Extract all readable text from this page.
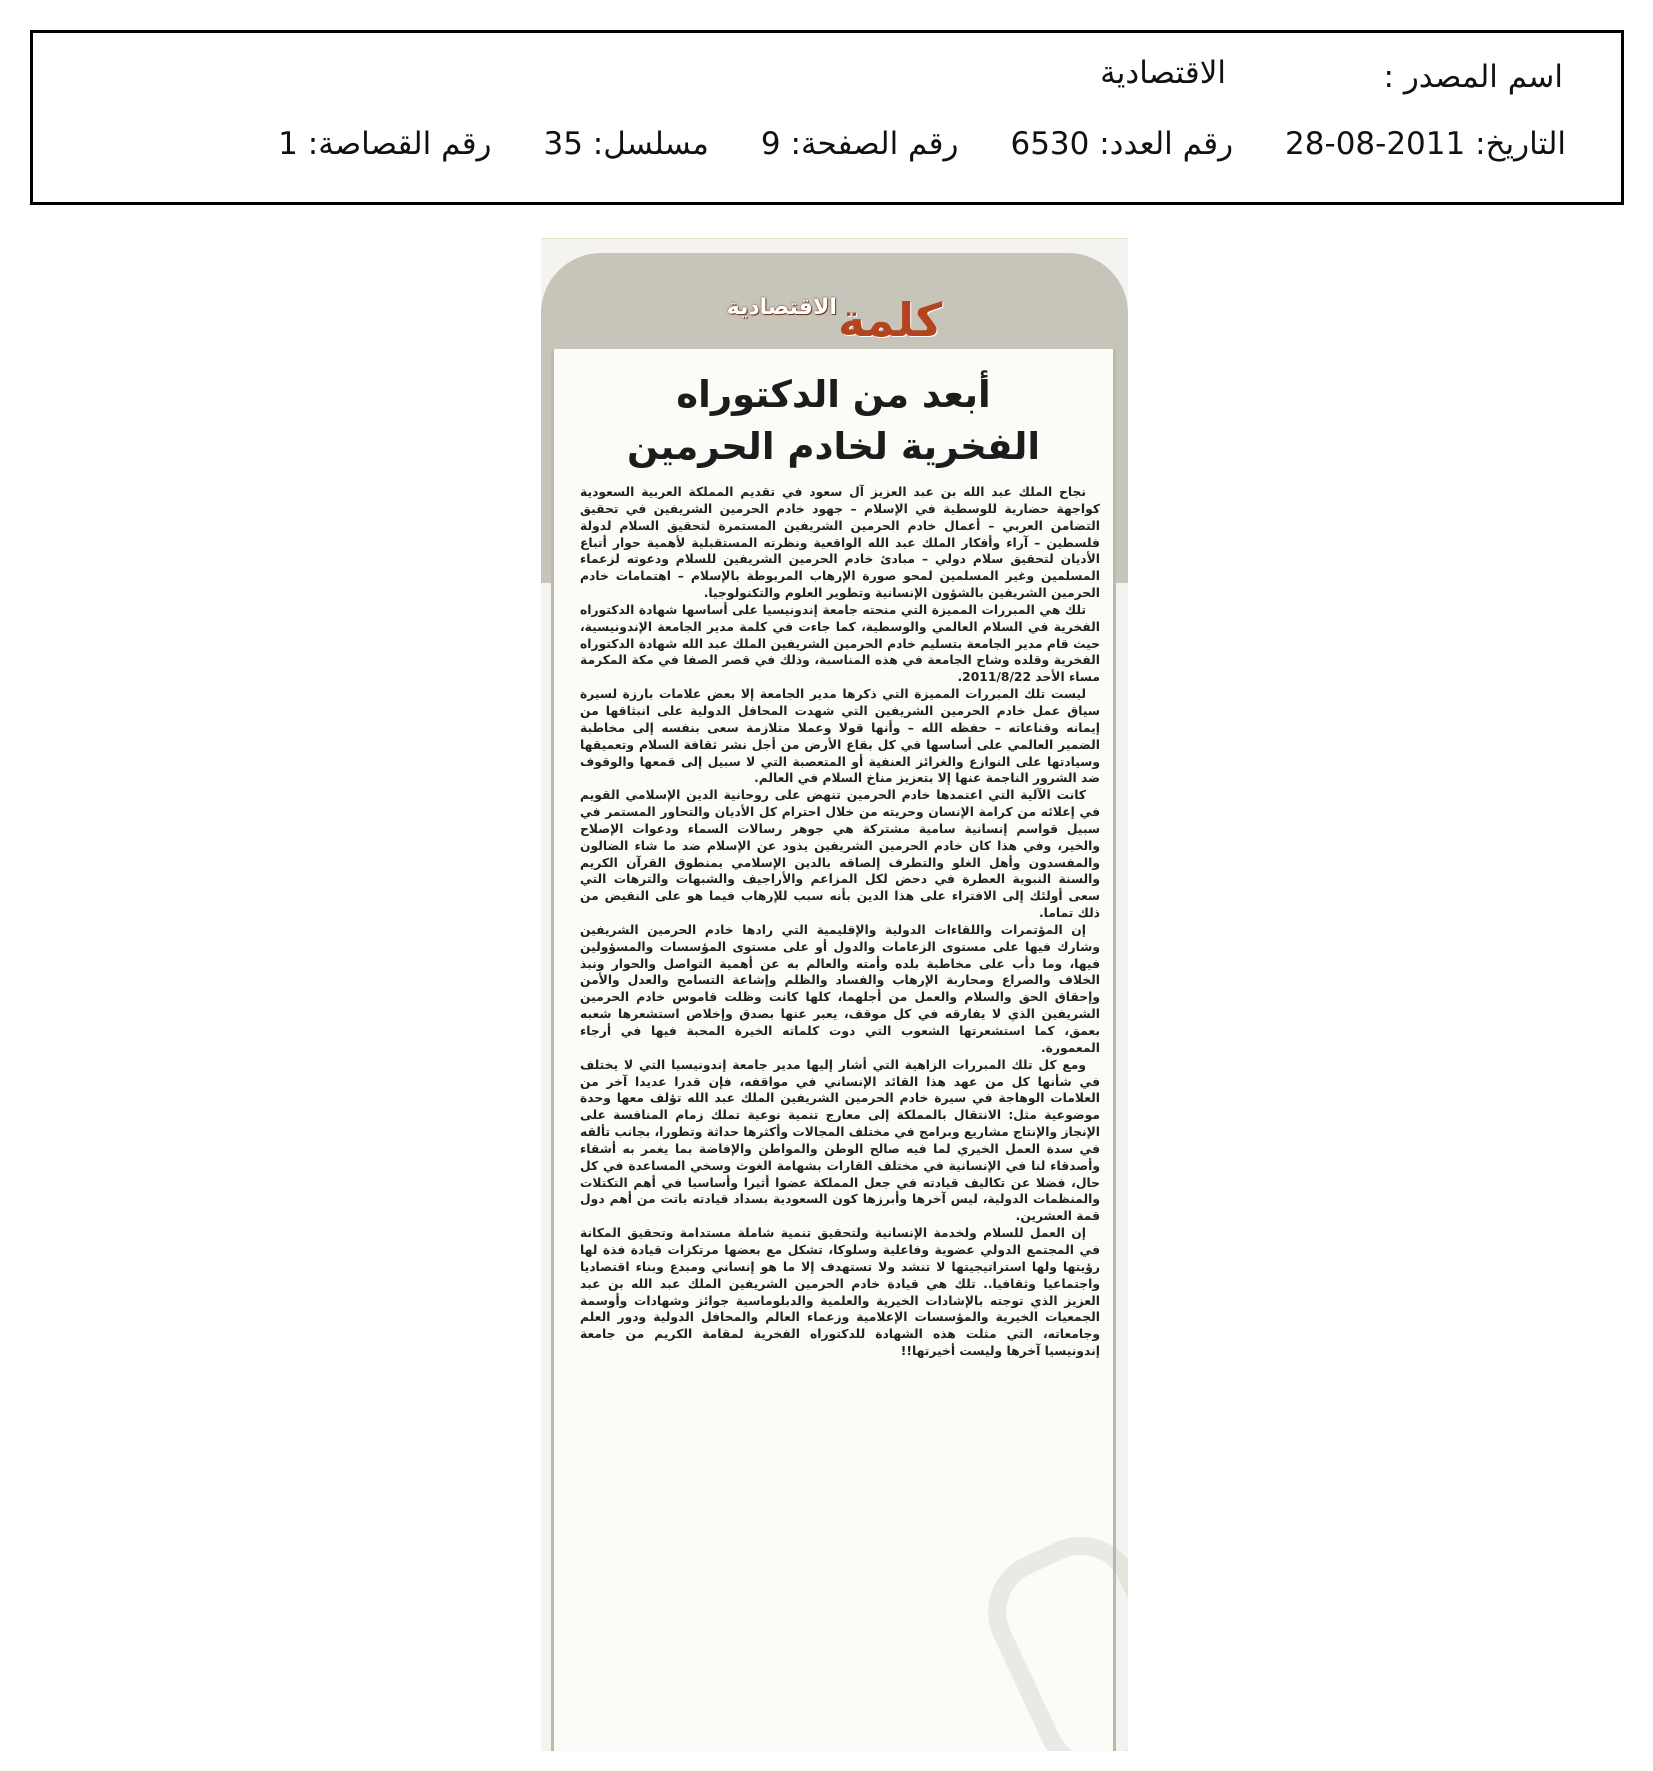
اسم المصدر :
الاقتصادية
التاريخ: 2011-08-28رقم العدد: 6530رقم الصفحة: 9مسلسل: 35رقم القصاصة: 1
كلمة الاقتصادية
أبعد من الدكتوراه
الفخرية لخادم الحرمين

نجاح الملك عبد الله بن عبد العزيز آل سعود في تقديم المملكة العربية السعودية كواجهة حضارية للوسطية في الإسلام – جهود خادم الحرمين الشريفين في تحقيق التضامن العربي – أعمال خادم الحرمين الشريفين المستمرة لتحقيق السلام لدولة فلسطين – آراء وأفكار الملك عبد الله الواقعية ونظرته المستقبلية لأهمية حوار أتباع الأديان لتحقيق سلام دولي – مبادئ خادم الحرمين الشريفين للسلام ودعوته لزعماء المسلمين وغير المسلمين لمحو صورة الإرهاب المربوطة بالإسلام – اهتمامات خادم الحرمين الشريفين بالشؤون الإنسانية وتطوير العلوم والتكنولوجيا.

تلك هي المبررات المميزة التي منحته جامعة إندونيسيا على أساسها شهادة الدكتوراه الفخرية في السلام العالمي والوسطية، كما جاءت في كلمة مدير الجامعة الإندونيسية، حيث قام مدير الجامعة بتسليم خادم الحرمين الشريفين الملك عبد الله شهادة الدكتوراه الفخرية وقلده وشاح الجامعة في هذه المناسبة، وذلك في قصر الصفا في مكة المكرمة مساء الأحد 2011/8/22.

ليست تلك المبررات المميزة التي ذكرها مدير الجامعة إلا بعض علامات بارزة لسيرة سياق عمل خادم الحرمين الشريفين التي شهدت المحافل الدولية على انبثاقها من إيمانه وقناعاته – حفظه الله – وأنها قولا وعملا متلازمة سعى بنفسه إلى مخاطبة الضمير العالمي على أساسها في كل بقاع الأرض من أجل نشر ثقافة السلام وتعميقها وسيادتها على النوازع والغرائز العنفية أو المتعصبة التي لا سبيل إلى قمعها والوقوف ضد الشرور الناجمة عنها إلا بتعزيز مناخ السلام في العالم.

كانت الآلية التي اعتمدها خادم الحرمين تنهض على روحانية الدين الإسلامي القويم في إعلائه من كرامة الإنسان وحريته من خلال احترام كل الأديان والتحاور المستمر في سبيل قواسم إنسانية سامية مشتركة هي جوهر رسالات السماء ودعوات الإصلاح والخير، وفي هذا كان خادم الحرمين الشريفين يذود عن الإسلام ضد ما شاء الضالون والمفسدون وأهل الغلو والتطرف إلصاقه بالدين الإسلامي بمنطوق القرآن الكريم والسنة النبوية العطرة في دحض لكل المزاعم والأراجيف والشبهات والترهات التي سعى أولئك إلى الافتراء على هذا الدين بأنه سبب للإرهاب فيما هو على النقيض من ذلك تماما.

إن المؤتمرات واللقاءات الدولية والإقليمية التي رادها خادم الحرمين الشريفين وشارك فيها على مستوى الزعامات والدول أو على مستوى المؤسسات والمسؤولين فيها، وما دأب على مخاطبة بلده وأمته والعالم به عن أهمية التواصل والحوار ونبذ الخلاف والصراع ومحاربة الإرهاب والفساد والظلم وإشاعة التسامح والعدل والأمن وإحقاق الحق والسلام والعمل من أجلهما، كلها كانت وظلت قاموس خادم الحرمين الشريفين الذي لا يفارقه في كل موقف، يعبر عنها بصدق وإخلاص استشعرها شعبه بعمق، كما استشعرتها الشعوب التي دوت كلماته الخيرة المحبة فيها في أرجاء المعمورة.

ومع كل تلك المبررات الزاهية التي أشار إليها مدير جامعة إندونيسيا التي لا يختلف في شأنها كل من عهد هذا القائد الإنساني في مواقفه، فإن قدرا عديدا آخر من العلامات الوهاجة في سيرة خادم الحرمين الشريفين الملك عبد الله تؤلف معها وحدة موضوعية مثل: الانتقال بالمملكة إلى معارج تنمية نوعية تملك زمام المنافسة على الإنجاز والإنتاج مشاريع وبرامج في مختلف المجالات وأكثرها حداثة وتطورا، بجانب تألقه في سدة العمل الخيري لما فيه صالح الوطن والمواطن والإفاضة بما يغمر به أشقاء وأصدقاء لنا في الإنسانية في مختلف القارات بشهامة الغوث وسخي المساعدة في كل حال، فضلا عن تكاليف قيادته في جعل المملكة عضوا أثيرا وأساسيا في أهم التكتلات والمنظمات الدولية، ليس آخرها وأبرزها كون السعودية بسداد قيادته باتت من أهم دول قمة العشرين.

إن العمل للسلام ولخدمة الإنسانية ولتحقيق تنمية شاملة مستدامة وتحقيق المكانة في المجتمع الدولي عضوية وفاعلية وسلوكا، تشكل مع بعضها مرتكزات قيادة فذة لها رؤيتها ولها استراتيجيتها لا تنشد ولا تستهدف إلا ما هو إنساني ومبدع وبناء اقتصاديا واجتماعيا وثقافيا.. تلك هي قيادة خادم الحرمين الشريفين الملك عبد الله بن عبد العزيز الذي توجته بالإشادات الخيرية والعلمية والدبلوماسية جوائز وشهادات وأوسمة الجمعيات الخيرية والمؤسسات الإعلامية وزعماء العالم والمحافل الدولية ودور العلم وجامعاته، التي مثلت هذه الشهادة للدكتوراه الفخرية لمقامة الكريم من جامعة إندونيسيا آخرها وليست أخيرتها!!
